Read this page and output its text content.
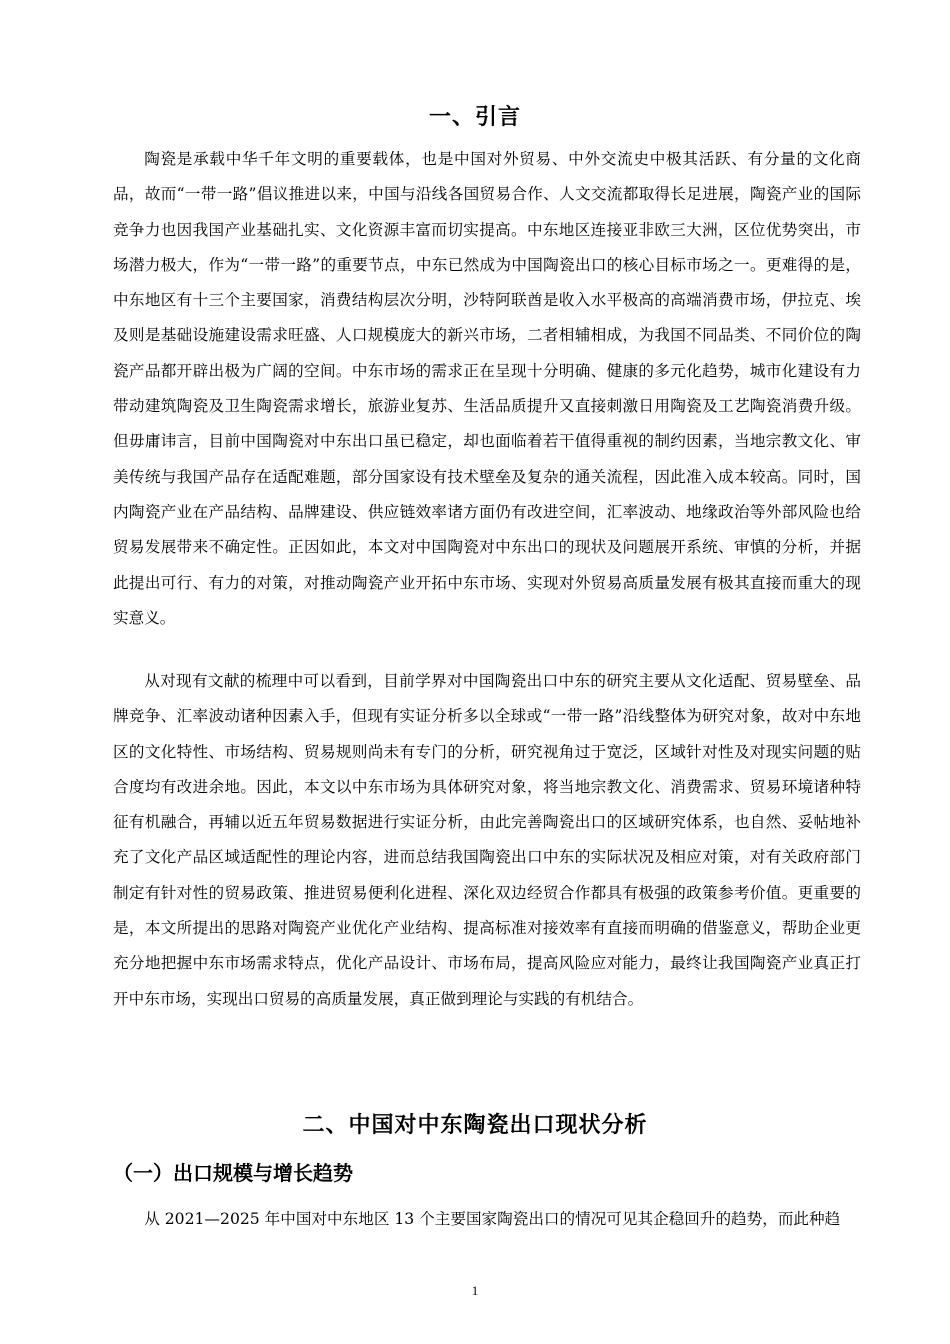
一、引言

陶瓷是承载中华千年文明的重要载体，也是中国对外贸易、中外交流史中极其活跃、有分量的文化商品，故而“一带一路”倡议推进以来，中国与沿线各国贸易合作、人文交流都取得长足进展，陶瓷产业的国际竞争力也因我国产业基础扎实、文化资源丰富而切实提高。中东地区连接亚非欧三大洲，区位优势突出，市场潜力极大，作为“一带一路”的重要节点，中东已然成为中国陶瓷出口的核心目标市场之一。更难得的是，中东地区有十三个主要国家，消费结构层次分明，沙特阿联酋是收入水平极高的高端消费市场，伊拉克、埃及则是基础设施建设需求旺盛、人口规模庞大的新兴市场，二者相辅相成，为我国不同品类、不同价位的陶瓷产品都开辟出极为广阔的空间。中东市场的需求正在呈现十分明确、健康的多元化趋势，城市化建设有力带动建筑陶瓷及卫生陶瓷需求增长，旅游业复苏、生活品质提升又直接刺激日用陶瓷及工艺陶瓷消费升级。但毋庸讳言，目前中国陶瓷对中东出口虽已稳定，却也面临着若干值得重视的制约因素，当地宗教文化、审美传统与我国产品存在适配难题，部分国家设有技术壁垒及复杂的通关流程，因此准入成本较高。同时，国内陶瓷产业在产品结构、品牌建设、供应链效率诸方面仍有改进空间，汇率波动、地缘政治等外部风险也给贸易发展带来不确定性。正因如此，本文对中国陶瓷对中东出口的现状及问题展开系统、审慎的分析，并据此提出可行、有力的对策，对推动陶瓷产业开拓中东市场、实现对外贸易高质量发展有极其直接而重大的现实意义。

从对现有文献的梳理中可以看到，目前学界对中国陶瓷出口中东的研究主要从文化适配、贸易壁垒、品牌竞争、汇率波动诸种因素入手，但现有实证分析多以全球或“一带一路”沿线整体为研究对象，故对中东地区的文化特性、市场结构、贸易规则尚未有专门的分析，研究视角过于宽泛，区域针对性及对现实问题的贴合度均有改进余地。因此，本文以中东市场为具体研究对象，将当地宗教文化、消费需求、贸易环境诸种特征有机融合，再辅以近五年贸易数据进行实证分析，由此完善陶瓷出口的区域研究体系，也自然、妥帖地补充了文化产品区域适配性的理论内容，进而总结我国陶瓷出口中东的实际状况及相应对策，对有关政府部门制定有针对性的贸易政策、推进贸易便利化进程、深化双边经贸合作都具有极强的政策参考价值。更重要的是，本文所提出的思路对陶瓷产业优化产业结构、提高标准对接效率有直接而明确的借鉴意义，帮助企业更充分地把握中东市场需求特点，优化产品设计、市场布局，提高风险应对能力，最终让我国陶瓷产业真正打开中东市场，实现出口贸易的高质量发展，真正做到理论与实践的有机结合。

二、中国对中东陶瓷出口现状分析
（一）出口规模与增长趋势

从 2021—2025 年中国对中东地区 13 个主要国家陶瓷出口的情况可见其企稳回升的趋势，而此种趋

1
